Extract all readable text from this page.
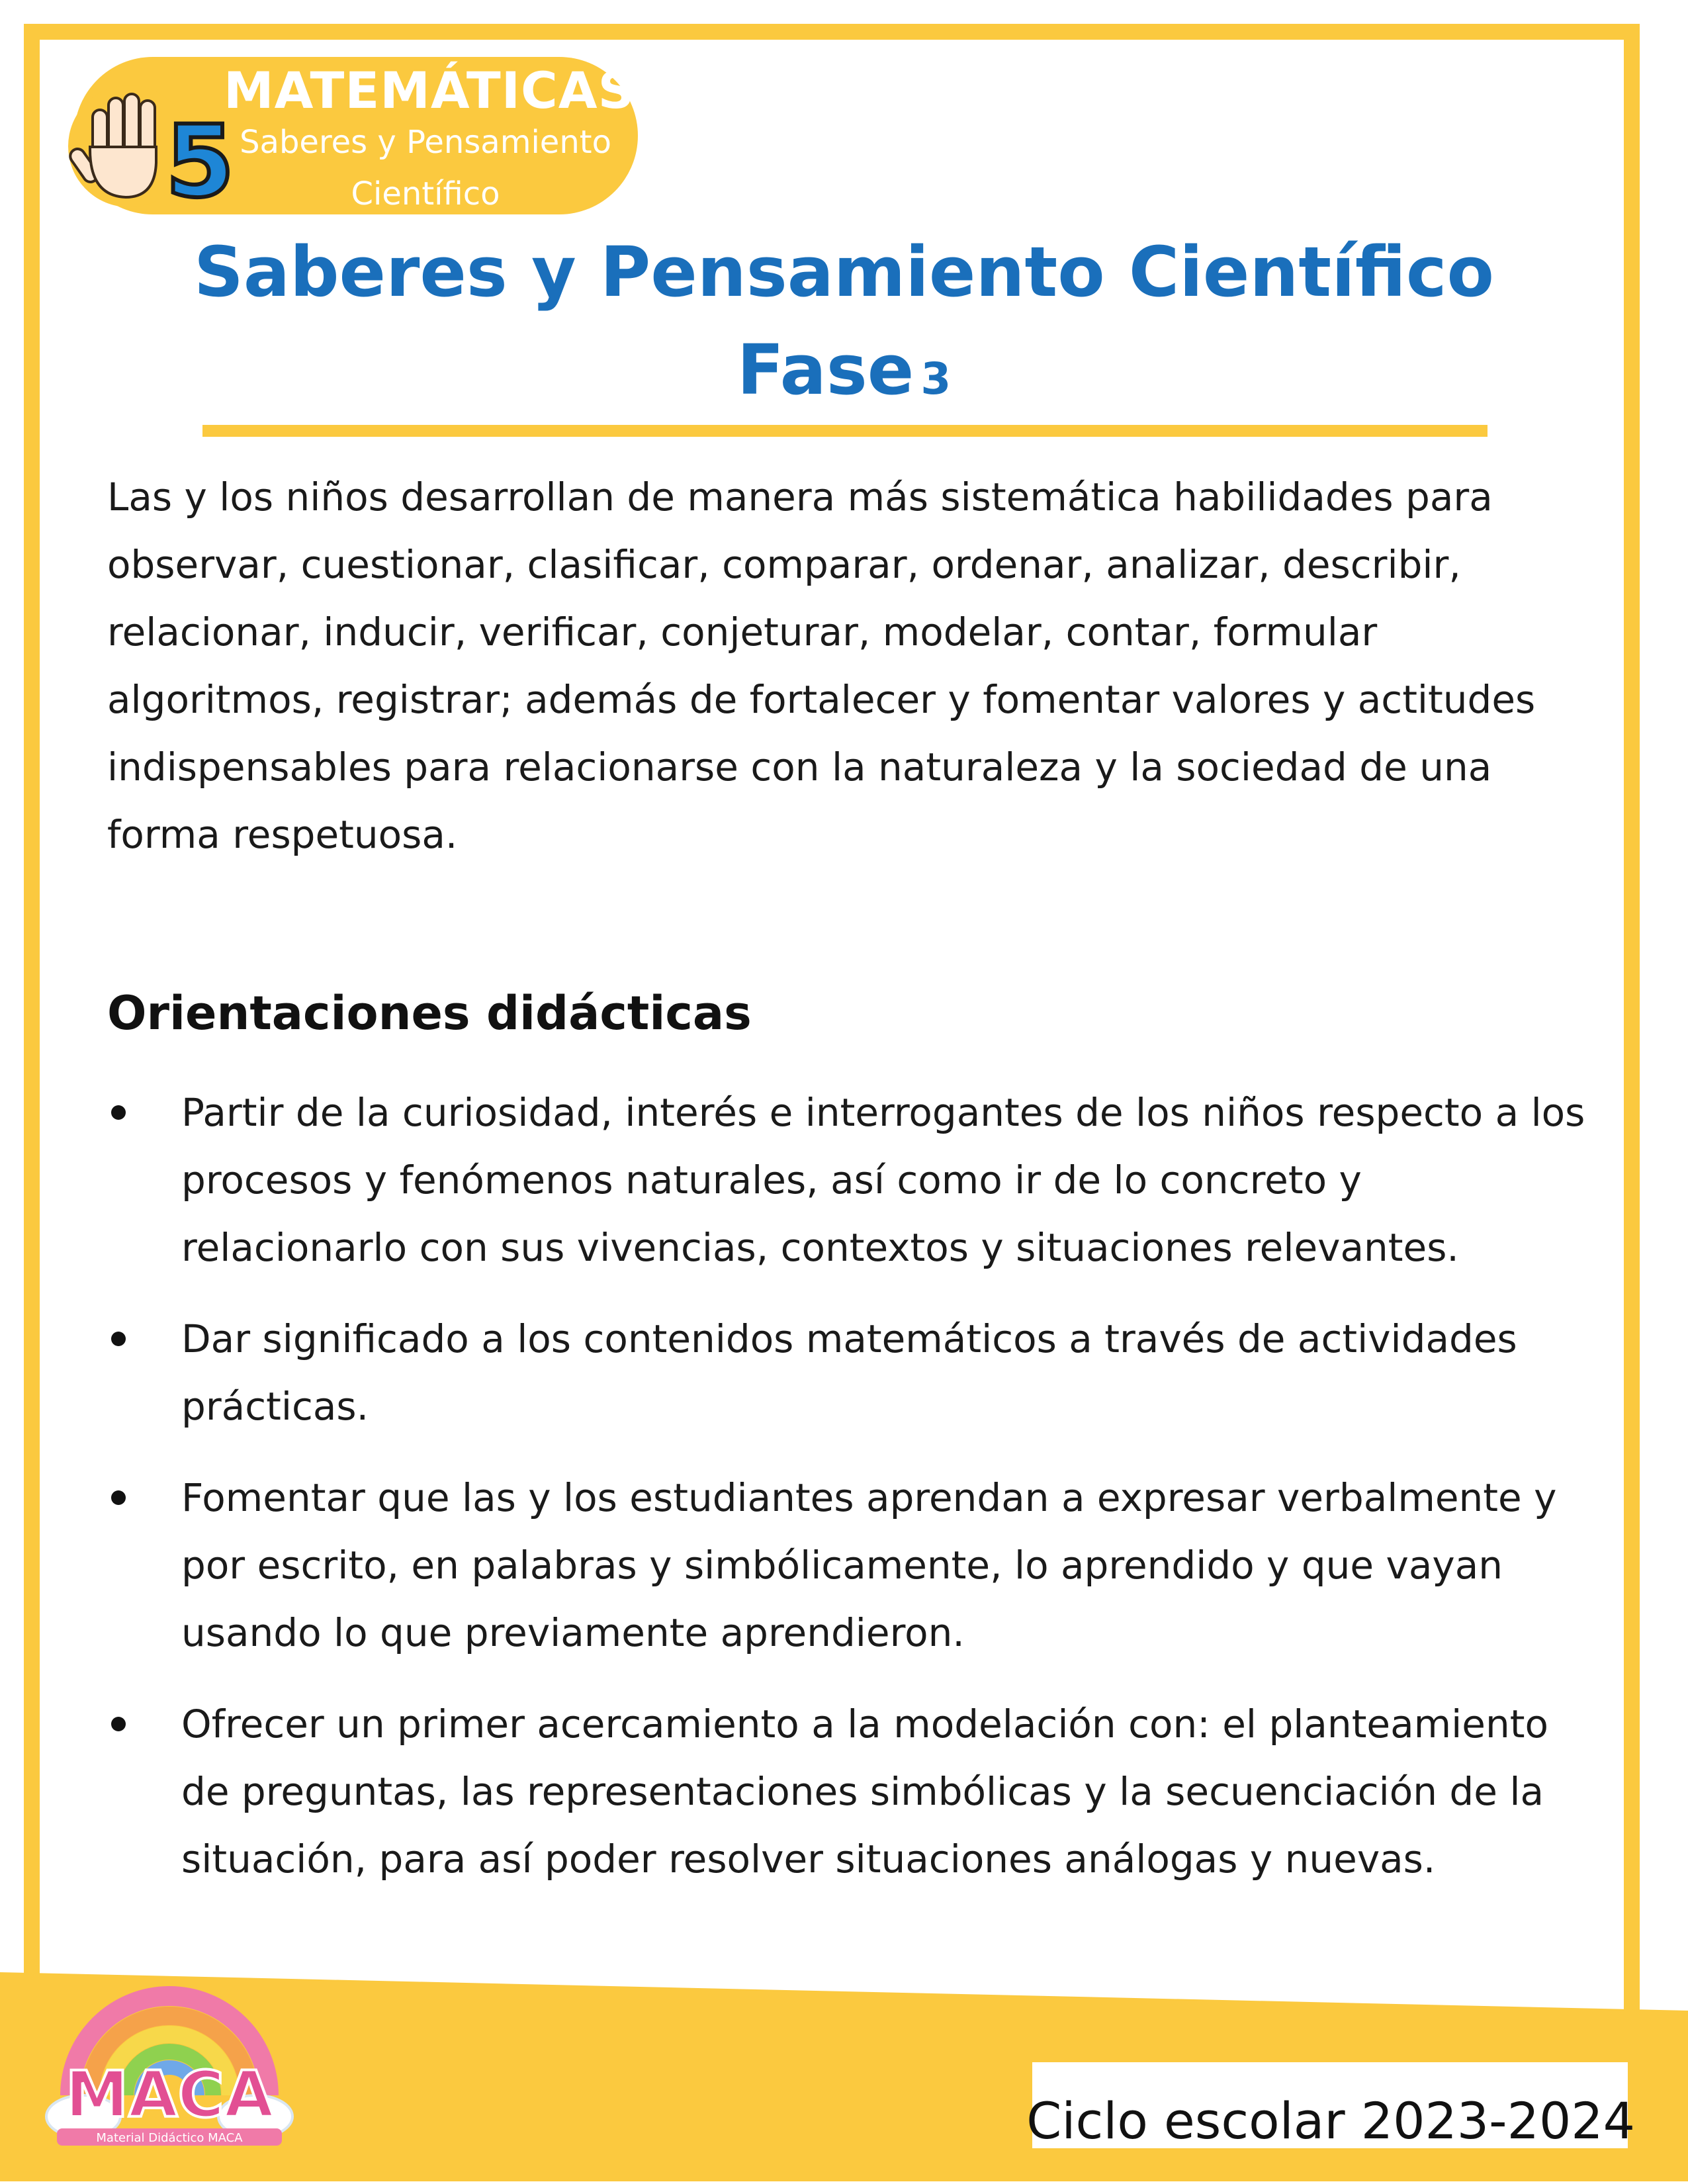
5
MATEMÁTICAS
Saberes y Pensamiento
Científico
Saberes y Pensamiento Científico
Fase 3

Las y los niños desarrollan de manera más sistemática habilidades para observar, cuestionar, clasificar, comparar, ordenar, analizar, describir, relacionar, inducir, verificar, conjeturar, modelar, contar, formular algoritmos, registrar; además de fortalecer y fomentar valores y actitudes indispensables para relacionarse con la naturaleza y la sociedad de una forma respetuosa.

Orientaciones didácticas
Partir de la curiosidad, interés e interrogantes de los niños respecto a los procesos y fenómenos naturales, así como ir de lo concreto y relacionarlo con sus vivencias, contextos y situaciones relevantes.
Dar significado a los contenidos matemáticos a través de actividades prácticas.
Fomentar que las y los estudiantes aprendan a expresar verbalmente y por escrito, en palabras y simbólicamente, lo aprendido y que vayan usando lo que previamente aprendieron.
Ofrecer un primer acercamiento a la modelación con: el planteamiento de preguntas, las representaciones simbólicas y la secuenciación de la situación, para así poder resolver situaciones análogas y nuevas.
MACA
Material Didáctico MACA	Ciclo escolar 2023-2024
